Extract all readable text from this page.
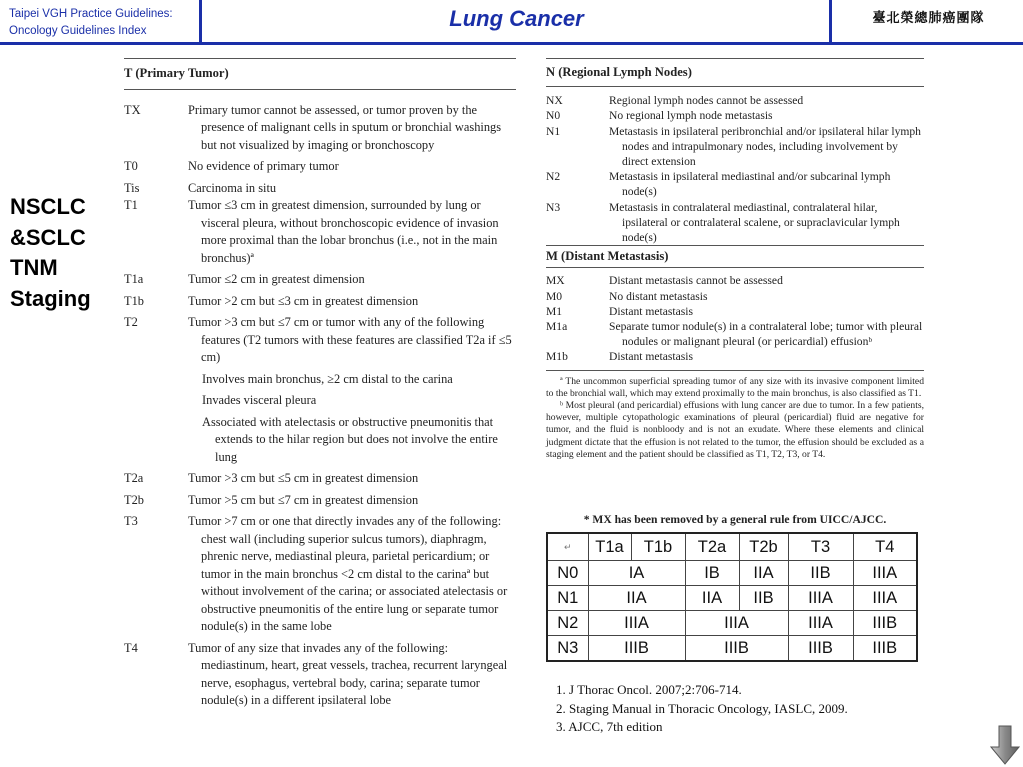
Taipei VGH Practice Guidelines:
Oncology Guidelines Index	Lung Cancer	臺北榮總肺癌團隊
NSCLC
&SCLC
TNM
Staging
T (Primary Tumor)
TX	Primary tumor cannot be assessed, or tumor proven by the presence of malignant cells in sputum or bronchial washings but not visualized by imaging or bronchoscopy
T0	No evidence of primary tumor
Tis	Carcinoma in situ
T1	Tumor ≤3 cm in greatest dimension, surrounded by lung or visceral pleura, without bronchoscopic evidence of invasion more proximal than the lobar bronchus (i.e., not in the main bronchus)ª
T1a	Tumor ≤2 cm in greatest dimension
T1b	Tumor >2 cm but ≤3 cm in greatest dimension
T2	Tumor >3 cm but ≤7 cm or tumor with any of the following features (T2 tumors with these features are classified T2a if ≤5 cm)
Involves main bronchus, ≥2 cm distal to the carina
Invades visceral pleura
Associated with atelectasis or obstructive pneumonitis that extends to the hilar region but does not involve the entire lung
T2a	Tumor >3 cm but ≤5 cm in greatest dimension
T2b	Tumor >5 cm but ≤7 cm in greatest dimension
T3	Tumor >7 cm or one that directly invades any of the following: chest wall (including superior sulcus tumors), diaphragm, phrenic nerve, mediastinal pleura, parietal pericardium; or tumor in the main bronchus <2 cm distal to the carinaª but without involvement of the carina; or associated atelectasis or obstructive pneumonitis of the entire lung or separate tumor nodule(s) in the same lobe
T4	Tumor of any size that invades any of the following: mediastinum, heart, great vessels, trachea, recurrent laryngeal nerve, esophagus, vertebral body, carina; separate tumor nodule(s) in a different ipsilateral lobe
N (Regional Lymph Nodes)
NX	Regional lymph nodes cannot be assessed
N0	No regional lymph node metastasis
N1	Metastasis in ipsilateral peribronchial and/or ipsilateral hilar lymph nodes and intrapulmonary nodes, including involvement by direct extension
N2	Metastasis in ipsilateral mediastinal and/or subcarinal lymph node(s)
N3	Metastasis in contralateral mediastinal, contralateral hilar, ipsilateral or contralateral scalene, or supraclavicular lymph node(s)
M (Distant Metastasis)
MX	Distant metastasis cannot be assessed
M0	No distant metastasis
M1	Distant metastasis
M1a	Separate tumor nodule(s) in a contralateral lobe; tumor with pleural nodules or malignant pleural (or pericardial) effusionᵇ
M1b	Distant metastasis

ª The uncommon superficial spreading tumor of any size with its invasive component limited to the bronchial wall, which may extend proximally to the main bronchus, is also classified as T1.

ᵇ Most pleural (and pericardial) effusions with lung cancer are due to tumor. In a few patients, however, multiple cytopathologic examinations of pleural (pericardial) fluid are negative for tumor, and the fluid is nonbloody and is not an exudate. Where these elements and clinical judgment dictate that the effusion is not related to the tumor, the effusion should be excluded as a staging element and the patient should be classified as T1, T2, T3, or T4.

* MX has been removed by a general rule from UICC/AJCC.
↵	T1a	T1b	T2a	T2b	T3	T4
N0	IA		IB	IIA	IIB	IIIA
N1	IIA		IIA	IIB	IIIA	IIIA
N2	IIIA		IIIA		IIIA	IIIB
N3	IIIB		IIIB		IIIB	IIIB
1. J Thorac Oncol. 2007;2:706-714.
2. Staging Manual in Thoracic Oncology, IASLC, 2009.
3. AJCC, 7th edition
